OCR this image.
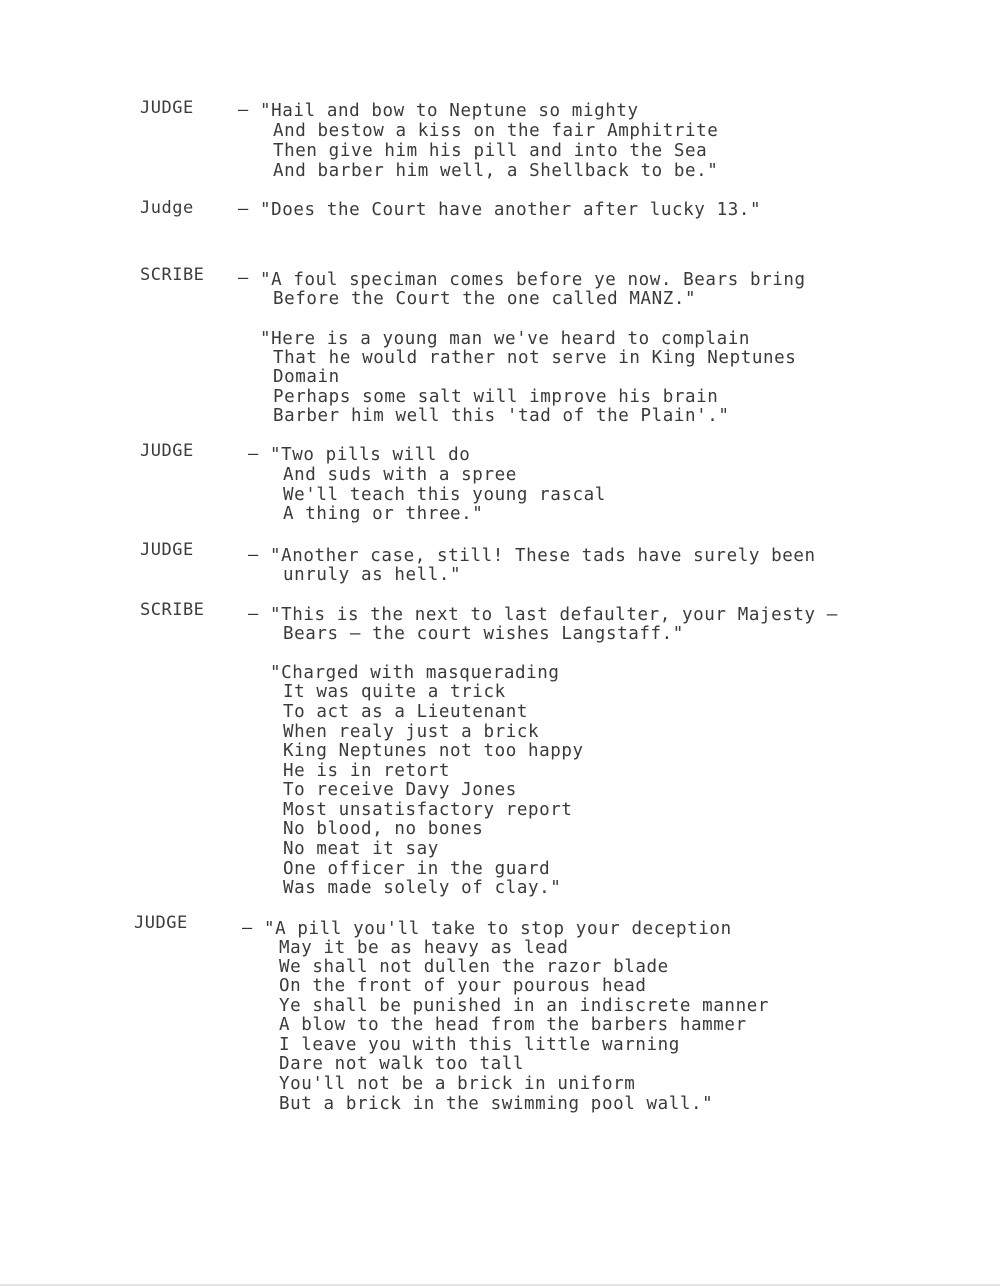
JUDGE	– "Hail and bow to Neptune so mighty
And bestow a kiss on the fair Amphitrite
Then give him his pill and into the Sea
And barber him well, a Shellback to be."
Judge	– "Does the Court have another after lucky 13."
SCRIBE – "A foul speciman comes before ye now. Bears bring
Before the Court the one called MANZ."
"Here is a young man we've heard to complain
That he would rather not serve in King Neptunes
Domain
Perhaps some salt will improve his brain
Barber him well this 'tad of the Plain'."
JUDGE	– "Two pills will do
And suds with a spree
We'll teach this young rascal
A thing or three."
JUDGE	– "Another case, still! These tads have surely been
unruly as hell."
SCRIBE	– "This is the next to last defaulter, your Majesty –
Bears – the court wishes Langstaff."
"Charged with masquerading
It was quite a trick
To act as a Lieutenant
When realy just a brick
King Neptunes not too happy
He is in retort
To receive Davy Jones
Most unsatisfactory report
No blood, no bones
No meat it say
One officer in the guard
Was made solely of clay."
JUDGE	– "A pill you'll take to stop your deception
May it be as heavy as lead
We shall not dullen the razor blade
On the front of your pourous head
Ye shall be punished in an indiscrete manner
A blow to the head from the barbers hammer
I leave you with this little warning
Dare not walk too tall
You'll not be a brick in uniform
But a brick in the swimming pool wall."
